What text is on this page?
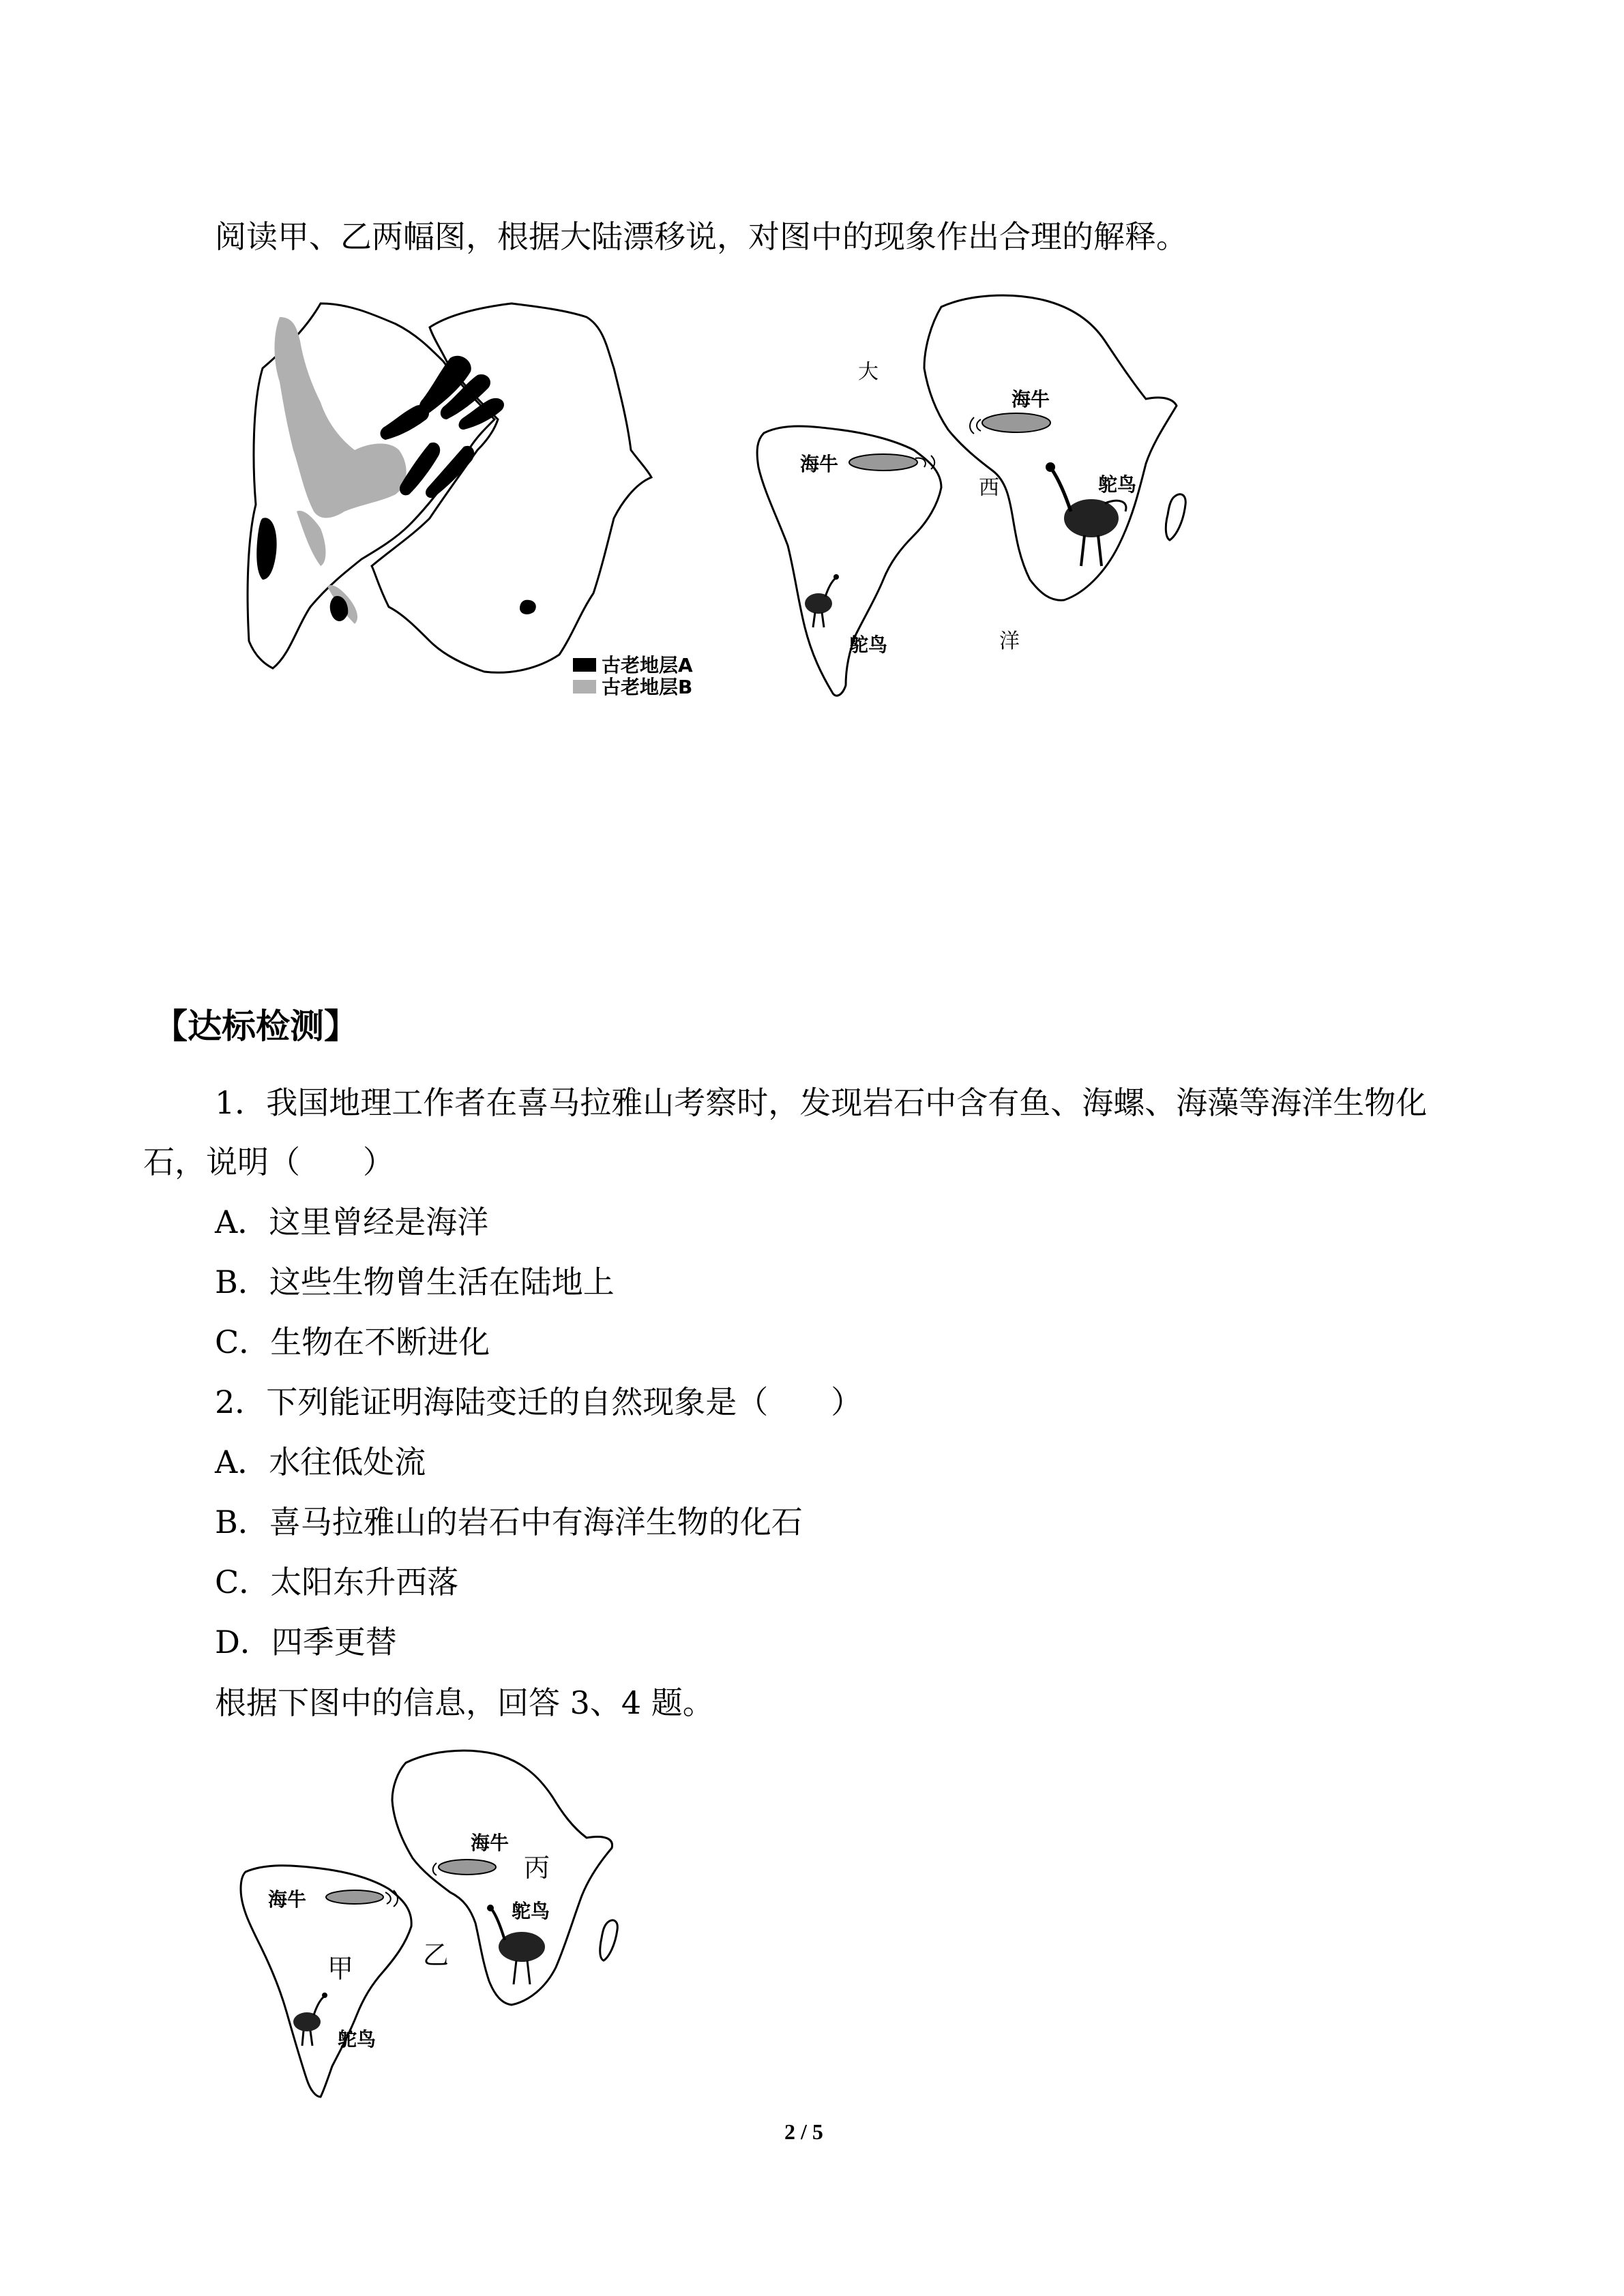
阅读甲、乙两幅图，根据大陆漂移说，对图中的现象作出合理的解释。
古老地层A
古老地层B
海牛
海牛
鸵鸟
鸵鸟
大
西
洋
【达标检测】
1．我国地理工作者在喜马拉雅山考察时，发现岩石中含有鱼、海螺、海藻等海洋生物化
石，说明（　　）
A．这里曾经是海洋
B．这些生物曾生活在陆地上
C．生物在不断进化
2．下列能证明海陆变迁的自然现象是（　　）
A．水往低处流
B．喜马拉雅山的岩石中有海洋生物的化石
C．太阳东升西落
D．四季更替
根据下图中的信息，回答 3、4 题。
海牛
海牛
鸵鸟
鸵鸟
甲	乙
丙
2 / 5
